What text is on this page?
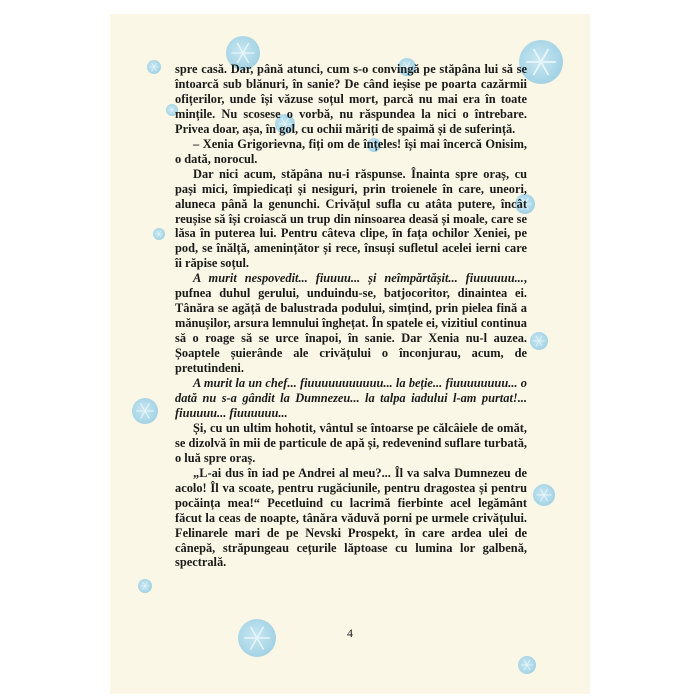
spre casă. Dar, până atunci, cum s-o convingă pe stăpâna lui să se întoarcă sub blănuri, în sanie? De când ieșise pe poarta cazărmii ofițerilor, unde își văzuse soțul mort, parcă nu mai era în toate mințile. Nu scosese o vorbă, nu răspundea la nici o întrebare. Privea doar, așa, în gol, cu ochii măriți de spaimă și de suferință.

– Xenia Grigorievna, fiți om de înțeles! își mai încercă Onisim, o dată, norocul.

Dar nici acum, stăpâna nu-i răspunse. Înainta spre oraș, cu pași mici, împiedicați și nesiguri, prin troienele în care, uneori, aluneca până la genunchi. Crivățul sufla cu atâta putere, încât reușise să își croiască un trup din ninsoarea deasă și moale, care se lăsa în puterea lui. Pentru câteva clipe, în fața ochilor Xeniei, pe pod, se înălță, amenințător și rece, însuși sufletul acelei ierni care îi răpise soțul.

A murit nespovedit... fiuuuu... și neîmpărtășit... fiuuuuuu..., pufnea duhul gerului, unduindu-se, batjocoritor, dinaintea ei. Tânăra se agăță de balustrada podului, simțind, prin pielea fină a mănușilor, arsura lemnului înghețat. În spatele ei, vizitiul continua să o roage să se urce înapoi, în sanie. Dar Xenia nu-l auzea. Șoaptele șuierânde ale crivățului o înconjurau, acum, de pretutindeni.

A murit la un chef... fiuuuuuuuuuuu... la beție... fiuuuuuuuu... o dată nu s-a gândit la Dumnezeu... la talpa iadului l-am purtat!... fiuuuuu... fiuuuuuu...

Și, cu un ultim hohotit, vântul se întoarse pe călcâiele de omăt, se dizolvă în mii de particule de apă și, redevenind suflare turbată, o luă spre oraș.

„L-ai dus în iad pe Andrei al meu?... Îl va salva Dumnezeu de acolo! Îl va scoate, pentru rugăciunile, pentru dragostea și pentru pocăința mea!“ Pecetluind cu lacrimă fierbinte acel legământ făcut la ceas de noapte, tânăra văduvă porni pe urmele crivățului. Felinarele mari de pe Nevski Prospekt, în care ardea ulei de cânepă, străpungeau cețurile lăptoase cu lumina lor galbenă, spectrală.

4
